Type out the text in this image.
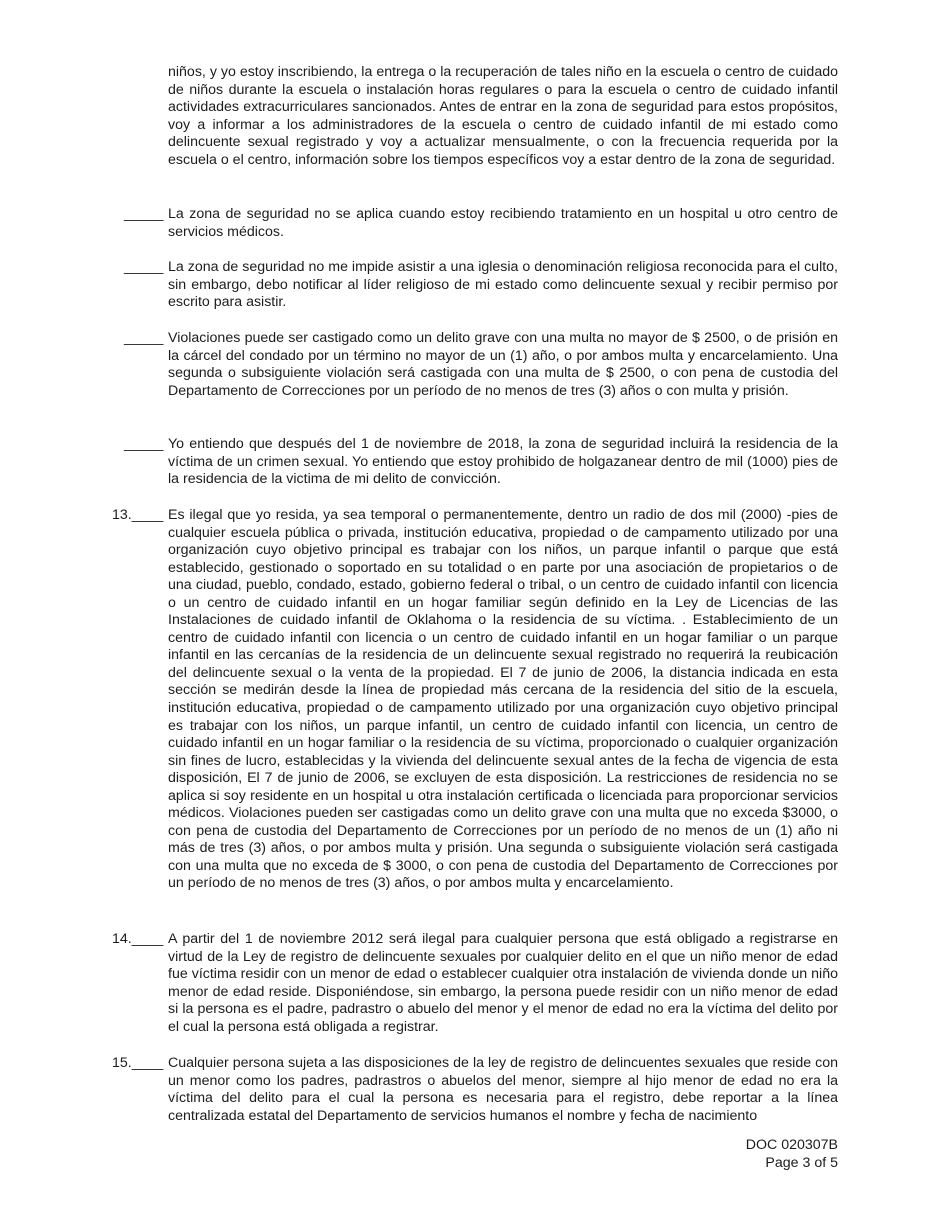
niños, y yo estoy inscribiendo, la entrega o la recuperación de tales niño en la escuela o centro de cuidado de niños durante la escuela o instalación horas regulares o para la escuela o centro de cuidado infantil actividades extracurriculares sancionados. Antes de entrar en la zona de seguridad para estos propósitos, voy a informar a los administradores de la escuela o centro de cuidado infantil de mi estado como delincuente sexual registrado y voy a actualizar mensualmente, o con la frecuencia requerida por la escuela o el centro, información sobre los tiempos específicos voy a estar dentro de la zona de seguridad.

_____ La zona de seguridad no se aplica cuando estoy recibiendo tratamiento en un hospital u otro centro de servicios médicos.
_____ La zona de seguridad no me impide asistir a una iglesia o denominación religiosa reconocida para el culto, sin embargo, debo notificar al líder religioso de mi estado como delincuente sexual y recibir permiso por escrito para asistir.
_____ Violaciones puede ser castigado como un delito grave con una multa no mayor de $ 2500, o de prisión en la cárcel del condado por un término no mayor de un (1) año, o por ambos multa y encarcelamiento. Una segunda o subsiguiente violación será castigada con una multa de $ 2500, o con pena de custodia del Departamento de Correcciones por un período de no menos de tres (3) años o con multa y prisión.
_____ Yo entiendo que después del 1 de noviembre de 2018, la zona de seguridad incluirá la residencia de la víctima de un crimen sexual. Yo entiendo que estoy prohibido de holgazanear dentro de mil (1000) pies de la residencia de la victima de mi delito de convicción.
13.____ Es ilegal que yo resida, ya sea temporal o permanentemente, dentro un radio de dos mil (2000) -pies de cualquier escuela pública o privada, institución educativa, propiedad o de campamento utilizado por una organización cuyo objetivo principal es trabajar con los niños, un parque infantil o parque que está establecido, gestionado o soportado en su totalidad o en parte por una asociación de propietarios o de una ciudad, pueblo, condado, estado, gobierno federal o tribal, o un centro de cuidado infantil con licencia o un centro de cuidado infantil en un hogar familiar según definido en la Ley de Licencias de las Instalaciones de cuidado infantil de Oklahoma o la residencia de su víctima. . Establecimiento de un centro de cuidado infantil con licencia o un centro de cuidado infantil en un hogar familiar o un parque infantil en las cercanías de la residencia de un delincuente sexual registrado no requerirá la reubicación del delincuente sexual o la venta de la propiedad. El 7 de junio de 2006, la distancia indicada en esta sección se medirán desde la línea de propiedad más cercana de la residencia del sitio de la escuela, institución educativa, propiedad o de campamento utilizado por una organización cuyo objetivo principal es trabajar con los niños, un parque infantil, un centro de cuidado infantil con licencia, un centro de cuidado infantil en un hogar familiar o la residencia de su víctima, proporcionado o cualquier organización sin fines de lucro, establecidas y la vivienda del delincuente sexual antes de la fecha de vigencia de esta disposición, El 7 de junio de 2006, se excluyen de esta disposición. La restricciones de residencia no se aplica si soy residente en un hospital u otra instalación certificada o licenciada para proporcionar servicios médicos. Violaciones pueden ser castigadas como un delito grave con una multa que no exceda $3000, o con pena de custodia del Departamento de Correcciones por un período de no menos de un (1) año ni más de tres (3) años, o por ambos multa y prisión. Una segunda o subsiguiente violación será castigada con una multa que no exceda de $ 3000, o con pena de custodia del Departamento de Correcciones por un período de no menos de tres (3) años, o por ambos multa y encarcelamiento.
14.____ A partir del 1 de noviembre 2012 será ilegal para cualquier persona que está obligado a registrarse en virtud de la Ley de registro de delincuente sexuales por cualquier delito en el que un niño menor de edad fue víctima residir con un menor de edad o establecer cualquier otra instalación de vivienda donde un niño menor de edad reside. Disponiéndose, sin embargo, la persona puede residir con un niño menor de edad si la persona es el padre, padrastro o abuelo del menor y el menor de edad no era la víctima del delito por el cual la persona está obligada a registrar.
15.____ Cualquier persona sujeta a las disposiciones de la ley de registro de delincuentes sexuales que reside con un menor como los padres, padrastros o abuelos del menor, siempre al hijo menor de edad no era la víctima del delito para el cual la persona es necesaria para el registro, debe reportar a la línea centralizada estatal del Departamento de servicios humanos el nombre y fecha de nacimiento
DOC 020307B
Page 3 of 5
